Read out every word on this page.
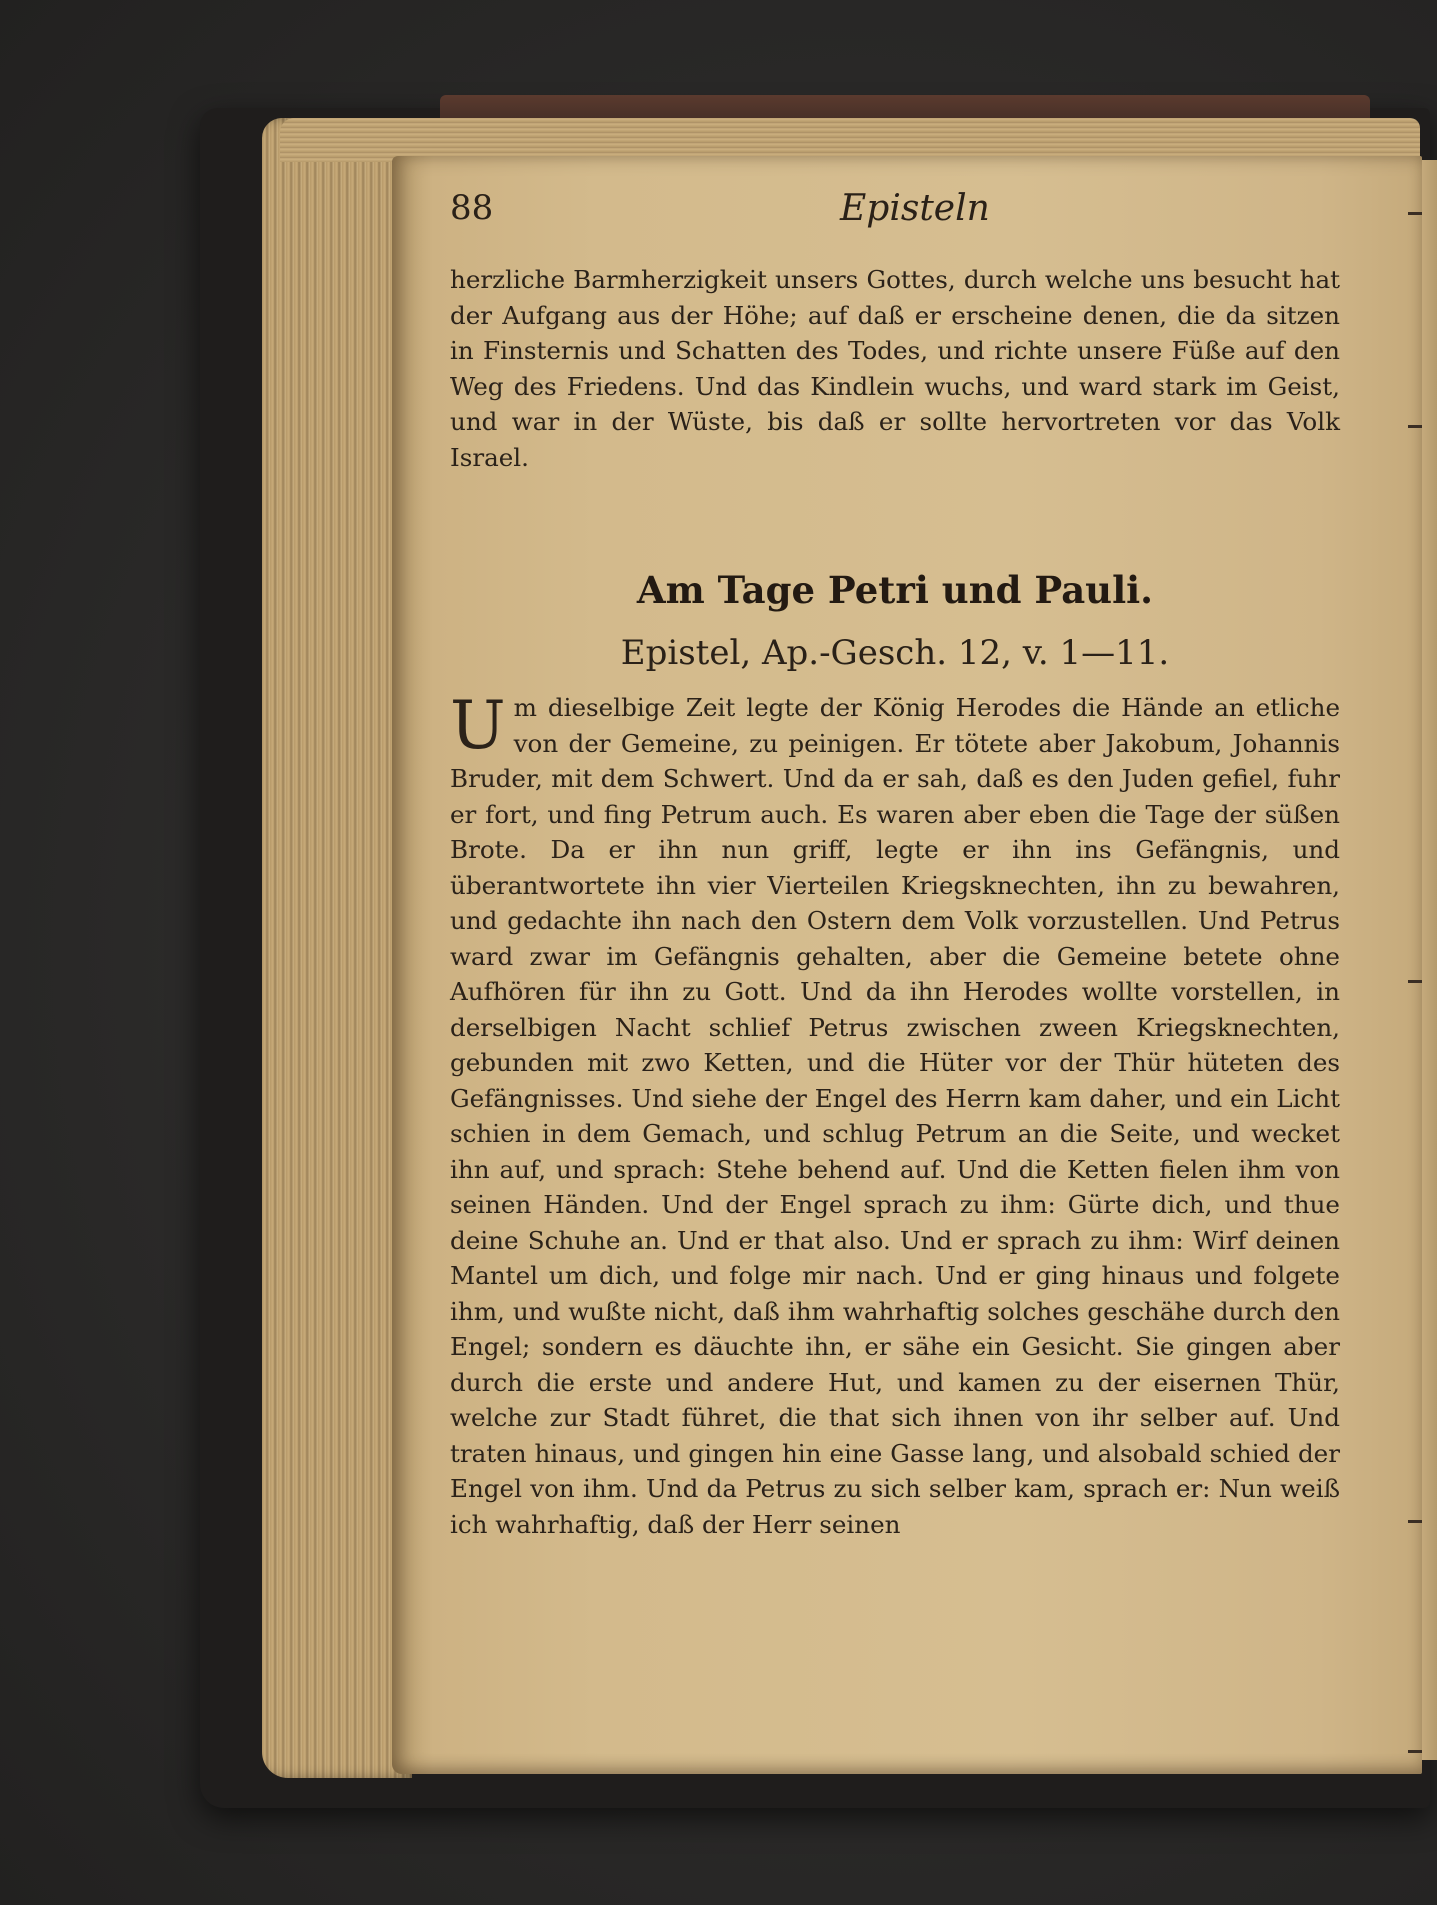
88	Episteln

herzliche Barmherzigkeit unsers Gottes, durch welche uns besucht hat der Aufgang aus der Höhe; auf daß er erscheine denen, die da sitzen in Finsternis und Schatten des Todes, und richte unsere Füße auf den Weg des Friedens. Und das Kindlein wuchs, und ward stark im Geist, und war in der Wüste, bis daß er sollte hervortreten vor das Volk Israel.

Am Tage Petri und Pauli.
Epistel, Ap.-Gesch. 12, v. 1—11.
U m dieselbige Zeit legte der König Herodes die Hände an etliche von der Gemeine, zu peinigen. Er tötete aber Jakobum, Johannis Bruder, mit dem Schwert. Und da er sah, daß es den Juden gefiel, fuhr er fort, und fing Petrum auch. Es waren aber eben die Tage der süßen Brote. Da er ihn nun griff, legte er ihn ins Gefängnis, und überantwortete ihn vier Vierteilen Kriegsknechten, ihn zu bewahren, und gedachte ihn nach den Ostern dem Volk vorzustellen. Und Petrus ward zwar im Gefängnis gehalten, aber die Gemeine betete ohne Aufhören für ihn zu Gott. Und da ihn Herodes wollte vorstellen, in derselbigen Nacht schlief Petrus zwischen zween Kriegsknechten, gebunden mit zwo Ketten, und die Hüter vor der Thür hüteten des Gefängnisses. Und siehe der Engel des Herrn kam daher, und ein Licht schien in dem Gemach, und schlug Petrum an die Seite, und wecket ihn auf, und sprach: Stehe behend auf. Und die Ketten fielen ihm von seinen Händen. Und der Engel sprach zu ihm: Gürte dich, und thue deine Schuhe an. Und er that also. Und er sprach zu ihm: Wirf deinen Mantel um dich, und folge mir nach. Und er ging hinaus und folgete ihm, und wußte nicht, daß ihm wahrhaftig solches geschähe durch den Engel; sondern es däuchte ihn, er sähe ein Gesicht. Sie gingen aber durch die erste und andere Hut, und kamen zu der eisernen Thür, welche zur Stadt führet, die that sich ihnen von ihr selber auf. Und traten hinaus, und gingen hin eine Gasse lang, und alsobald schied der Engel von ihm. Und da Petrus zu sich selber kam, sprach er: Nun weiß ich wahrhaftig, daß der Herr seinen
